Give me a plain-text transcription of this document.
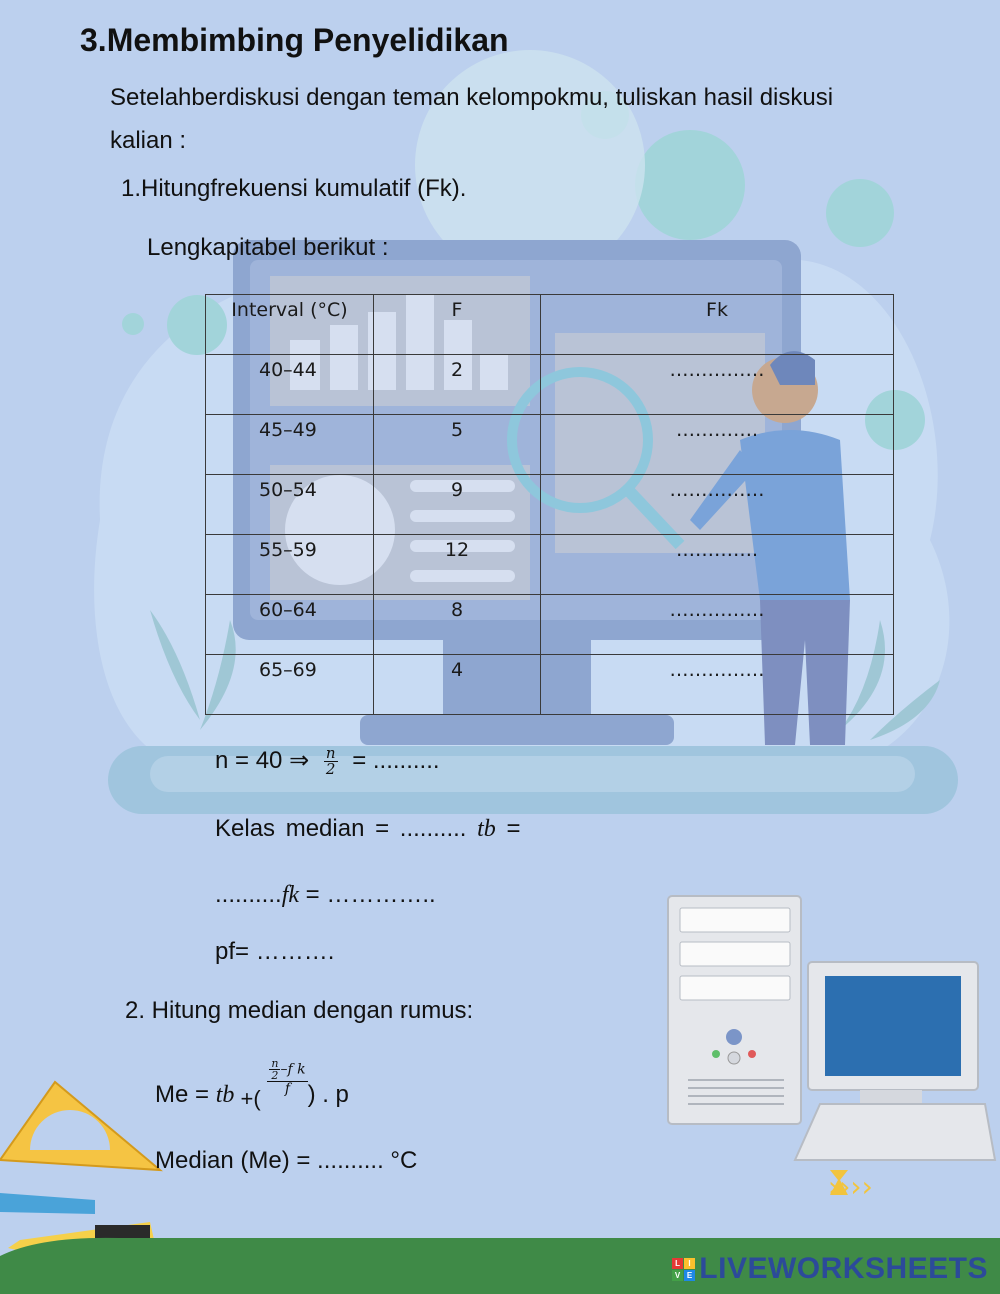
››››
3.Membimbing Penyelidikan
Setelahberdiskusi dengan teman kelompokmu, tuliskan hasil diskusi
kalian :
1.Hitungfrekuensi kumulatif (Fk).
Lengkapitabel berikut :
Interval (°C)	F	Fk
40–44	2	……………
45–49	5	………….
50–54	9	……………
55–59	12	………….
60–64	8	……………
65–69	4	……………
n = 40 ⇒ $\frac{n}{2}$ = ..........
Kelas median = .......... tb =
..........fk = …………..
pf= ……….
2. Hitung median dengan rumus:
Me = tb +(
$\frac{\frac{n}{2} -𝑓 𝑘}{f}$ ) . p
Median (Me) = .......... °C
L I
V E LIVEWORKSHEETS
